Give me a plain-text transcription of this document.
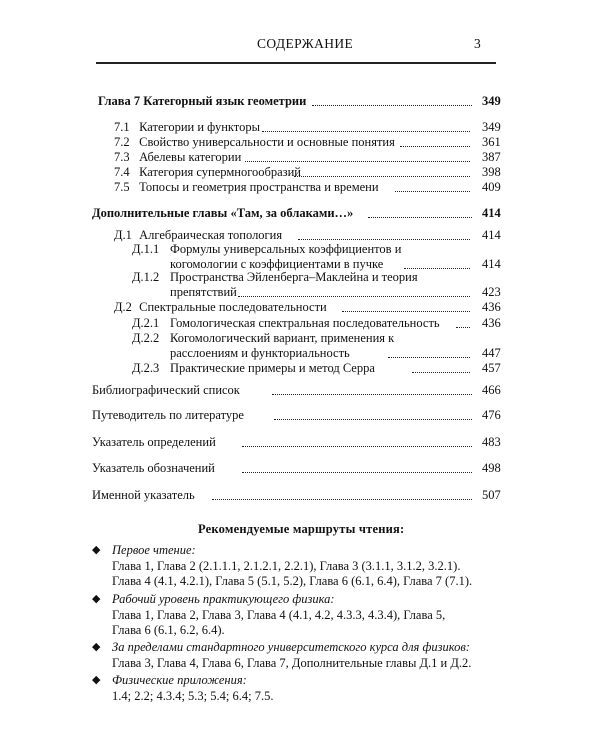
СОДЕРЖАНИЕ	3
Глава 7 Категорный язык геометрии	349
7.1 Категории и функторы	349
7.2 Свойство универсальности и основные понятия	361
7.3 Абелевы категории	387
7.4 Категория супермногообразий	398
7.5 Топосы и геометрия пространства и времени	409
Дополнительные главы «Там, за облаками…»	414
Д.1 Алгебраическая топология	414
Д.1.1 Формулы универсальных коэффициентов и
когомологии с коэффициентами в пучке	414
Д.1.2 Пространства Эйленберга–Маклейна и теория
препятствий	423
Д.2 Спектральные последовательности	436
Д.2.1 Гомологическая спектральная последовательность	436
Д.2.2 Когомологический вариант, применения к
расслоениям и функториальность	447
Д.2.3 Практические примеры и метод Серра	457
Библиографический список	466
Путеводитель по литературе	476
Указатель определений	483
Указатель обозначений	498
Именной указатель	507
Рекомендуемые маршруты чтения:
◆ Первое чтение:
Глава 1, Глава 2 (2.1.1.1, 2.1.2.1, 2.2.1), Глава 3 (3.1.1, 3.1.2, 3.2.1).
Глава 4 (4.1, 4.2.1), Глава 5 (5.1, 5.2), Глава 6 (6.1, 6.4), Глава 7 (7.1).
◆ Рабочий уровень практикующего физика:
Глава 1, Глава 2, Глава 3, Глава 4 (4.1, 4.2, 4.3.3, 4.3.4), Глава 5,
Глава 6 (6.1, 6.2, 6.4).
◆ За пределами стандартного университетского курса для физиков:
Глава 3, Глава 4, Глава 6, Глава 7, Дополнительные главы Д.1 и Д.2.
◆ Физические приложения:
1.4; 2.2; 4.3.4; 5.3; 5.4; 6.4; 7.5.
